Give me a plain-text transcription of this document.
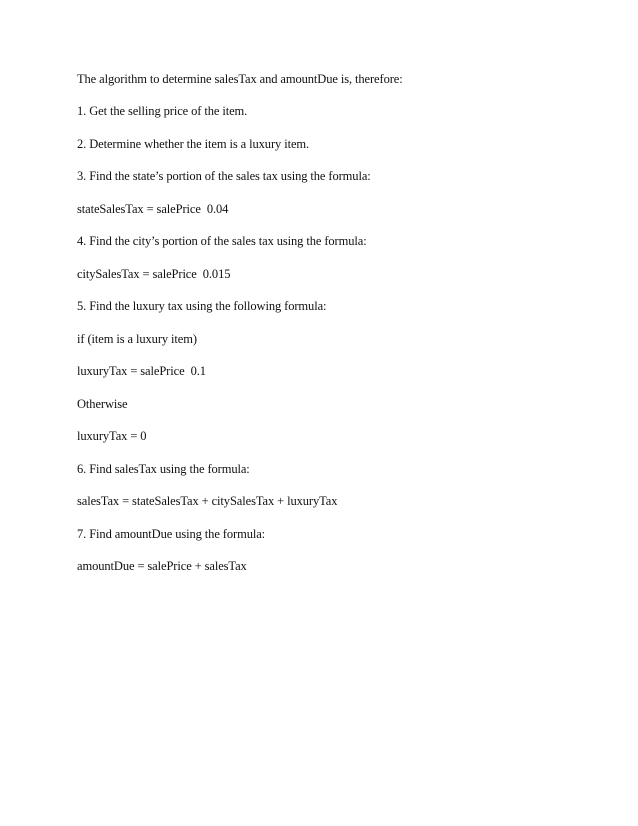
The algorithm to determine salesTax and amountDue is, therefore:
1. Get the selling price of the item.
2. Determine whether the item is a luxury item.
3. Find the state’s portion of the sales tax using the formula:
stateSalesTax = salePrice  0.04
4. Find the city’s portion of the sales tax using the formula:
citySalesTax = salePrice  0.015
5. Find the luxury tax using the following formula:
if (item is a luxury item)
luxuryTax = salePrice  0.1
Otherwise
luxuryTax = 0
6. Find salesTax using the formula:
salesTax = stateSalesTax + citySalesTax + luxuryTax
7. Find amountDue using the formula:
amountDue = salePrice + salesTax
